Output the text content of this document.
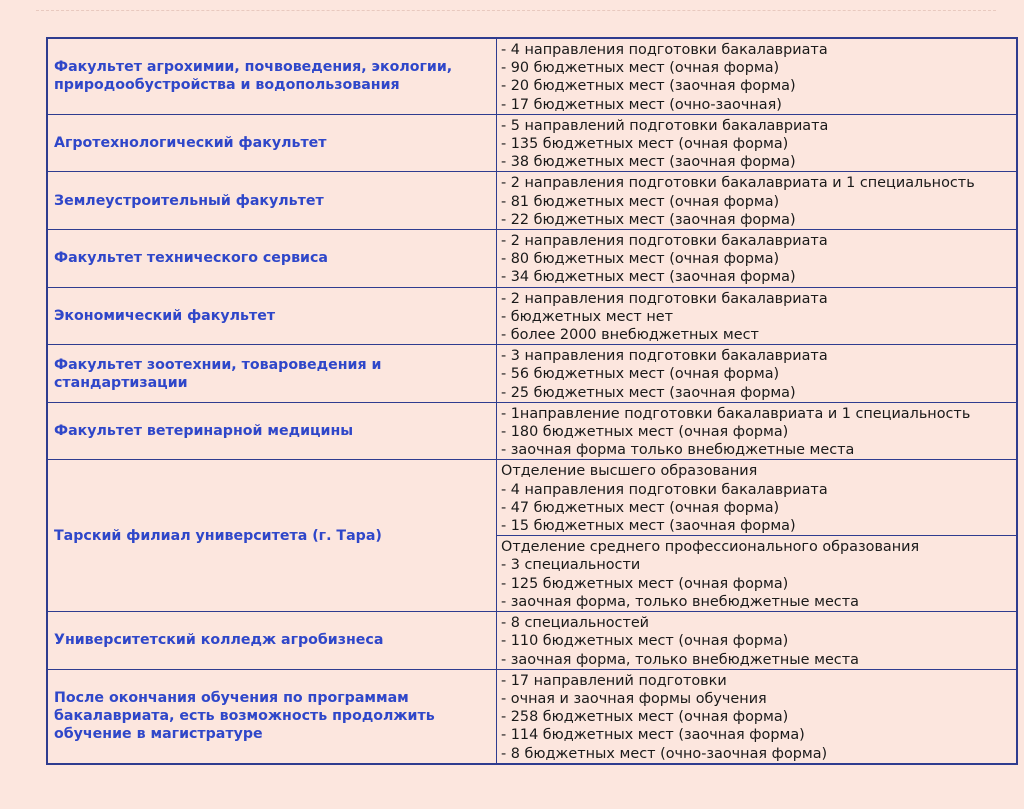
Факультет агрохимии, почвоведения, экологии, природообустройства и водопользования	- 4 направления подготовки бакалавриата
- 90 бюджетных мест (очная форма)
- 20 бюджетных мест (заочная форма)
- 17 бюджетных мест (очно-заочная)

Агротехнологический факультет	- 5 направлений подготовки бакалавриата
- 135 бюджетных мест (очная форма)
- 38 бюджетных мест (заочная форма)

Землеустроительный факультет	- 2 направления подготовки бакалавриата и 1 специальность
- 81 бюджетных мест (очная форма)
- 22 бюджетных мест (заочная форма)

Факультет технического сервиса	- 2 направления подготовки бакалавриата
- 80 бюджетных мест (очная форма)
- 34 бюджетных мест (заочная форма)

Экономический факультет	- 2 направления подготовки бакалавриата
- бюджетных мест нет
- более 2000 внебюджетных мест

Факультет зоотехнии, товароведения и стандартизации	- 3 направления подготовки бакалавриата
- 56 бюджетных мест (очная форма)
- 25 бюджетных мест (заочная форма)

Факультет ветеринарной медицины	- 1направление подготовки бакалавриата и 1 специальность
- 180 бюджетных мест (очная форма)
- заочная форма только внебюджетные места

Тарский филиал университета (г. Тара)	Отделение высшего образования
- 4 направления подготовки бакалавриата
- 47 бюджетных мест (очная форма)
- 15 бюджетных мест (заочная форма)

	Отделение среднего профессионального образования
- 3 специальности
- 125 бюджетных мест (очная форма)
- заочная форма, только внебюджетные места

Университетский колледж агробизнеса	- 8 специальностей
- 110 бюджетных мест (очная форма)
- заочная форма, только внебюджетные места

После окончания обучения по программам бакалавриата, есть возможность продолжить обучение в магистратуре	- 17 направлений подготовки
- очная и заочная формы обучения
- 258 бюджетных мест (очная форма)
- 114 бюджетных мест (заочная форма)
- 8 бюджетных мест (очно-заочная форма)
